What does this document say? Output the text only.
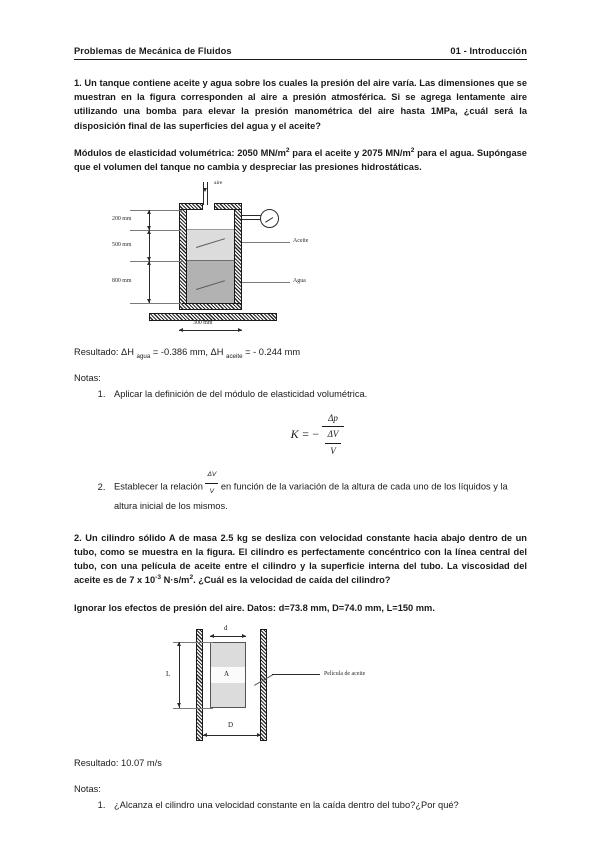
Problemas de Mecánica de Fluidos	01 - Introducción

1. Un tanque contiene aceite y agua sobre los cuales la presión del aire varía. Las dimensiones que se muestran en la figura corresponden al aire a presión atmosférica. Si se agrega lentamente aire utilizando una bomba para elevar la presión manométrica del aire hasta 1MPa, ¿cuál será la disposición final de las superficies del agua y el aceite?

Módulos de elasticidad volumétrica: 2050 $MN/m^2$ para el aceite y 2075 $MN/m^2$ para el agua. Supóngase que el volumen del tanque no cambia y despreciar las presiones hidrostáticas.

aire
200 mm
500 mm
800 mm
300 mm
Aceite
Agua
Resultado: ΔH $_{agua}$ = -0.386 mm, ΔH $_{aceite}$ = - 0.244 mm
Notas:
1. Aplicar la definición de del módulo de elasticidad volumétrica.
K = − $\frac{\Delta p}{\frac{\Delta V}{V}}$
2. Establecer la relación $\frac{\Delta V}{V}$ en función de la variación de la altura de cada uno de los líquidos y la altura inicial de los mismos.

2. Un cilindro sólido A de masa 2.5 kg se desliza con velocidad constante hacia abajo dentro de un tubo, como se muestra en la figura. El cilindro es perfectamente concéntrico con la línea central del tubo, con una película de aceite entre el cilindro y la superficie interna del tubo. La viscosidad del aceite es de 7 x $10^{-3}$ $N\cdot s/m^2$. ¿Cuál es la velocidad de caída del cilindro?

Ignorar los efectos de presión del aire. Datos: d=73.8 mm, D=74.0 mm, L=150 mm.

A
d
L
D
Película de aceite
Resultado: 10.07 m/s
Notas:
1. ¿Alcanza el cilindro una velocidad constante en la caída dentro del tubo?¿Por qué?
